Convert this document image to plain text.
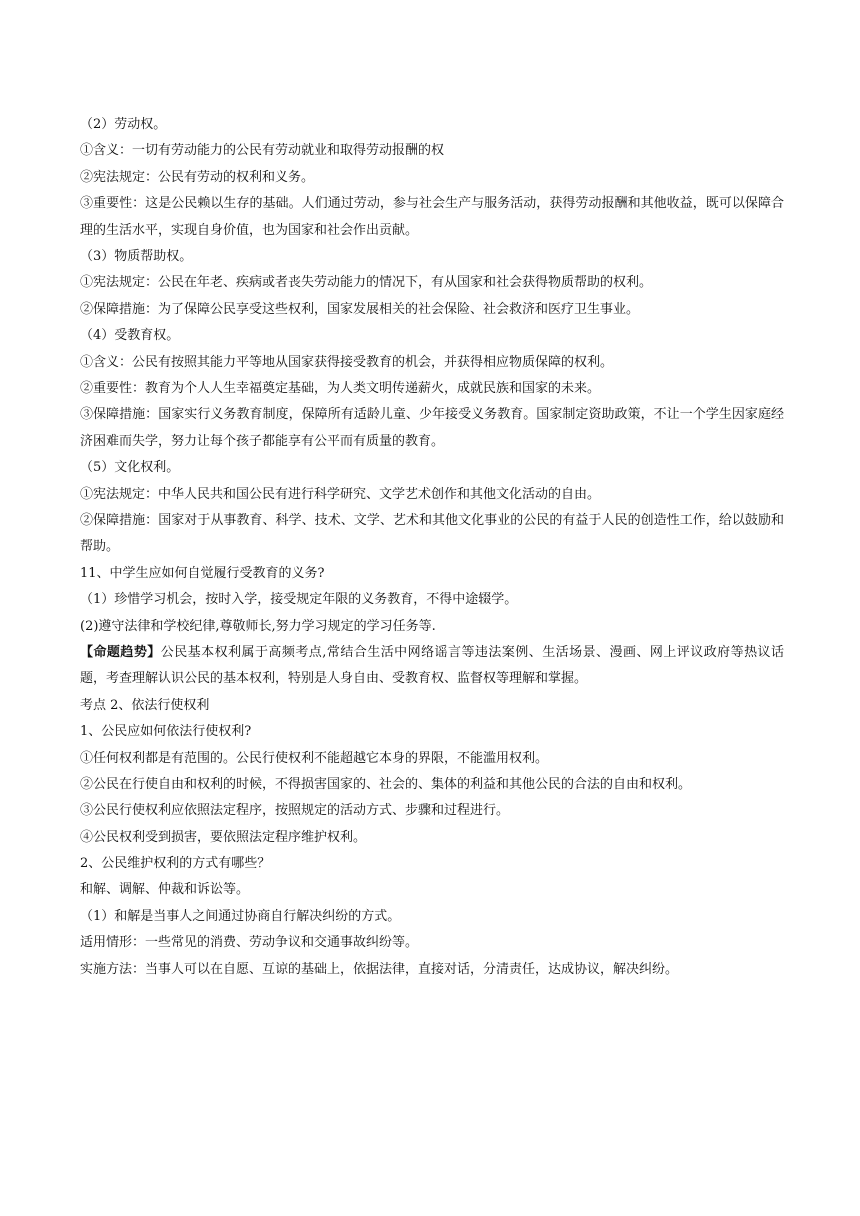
（2）劳动权。
①含义：一切有劳动能力的公民有劳动就业和取得劳动报酬的权
②宪法规定：公民有劳动的权利和义务。
③重要性：这是公民赖以生存的基础。人们通过劳动，参与社会生产与服务活动，获得劳动报酬和其他收益，既可以保障合理的生活水平，实现自身价值，也为国家和社会作出贡献。
（3）物质帮助权。
①宪法规定：公民在年老、疾病或者丧失劳动能力的情况下，有从国家和社会获得物质帮助的权利。
②保障措施：为了保障公民享受这些权利，国家发展相关的社会保险、社会救济和医疗卫生事业。
（4）受教育权。
①含义：公民有按照其能力平等地从国家获得接受教育的机会，并获得相应物质保障的权利。
②重要性：教育为个人人生幸福奠定基础，为人类文明传递薪火，成就民族和国家的未来。
③保障措施：国家实行义务教育制度，保障所有适龄儿童、少年接受义务教育。国家制定资助政策，不让一个学生因家庭经济困难而失学，努力让每个孩子都能享有公平而有质量的教育。
（5）文化权利。
①宪法规定：中华人民共和国公民有进行科学研究、文学艺术创作和其他文化活动的自由。
②保障措施：国家对于从事教育、科学、技术、文学、艺术和其他文化事业的公民的有益于人民的创造性工作，给以鼓励和帮助。
11、中学生应如何自觉履行受教育的义务?
（1）珍惜学习机会，按时入学，接受规定年限的义务教育，不得中途辍学。
(2)遵守法律和学校纪律,尊敬师长,努力学习规定的学习任务等.
【命题趋势】公民基本权利属于高频考点,常结合生活中网络谣言等违法案例、生活场景、漫画、网上评议政府等热议话题，考查理解认识公民的基本权利，特别是人身自由、受教育权、监督权等理解和掌握。
考点 2、依法行使权利
1、公民应如何依法行使权利?
①任何权利都是有范围的。公民行使权利不能超越它本身的界限，不能滥用权利。
②公民在行使自由和权利的时候，不得损害国家的、社会的、集体的利益和其他公民的合法的自由和权利。
③公民行使权利应依照法定程序，按照规定的活动方式、步骤和过程进行。
④公民权利受到损害，要依照法定程序维护权利。
2、公民维护权利的方式有哪些？
和解、调解、仲裁和诉讼等。
（1）和解是当事人之间通过协商自行解决纠纷的方式。
适用情形：一些常见的消费、劳动争议和交通事故纠纷等。
实施方法：当事人可以在自愿、互谅的基础上，依据法律，直接对话，分清责任，达成协议，解决纠纷。
